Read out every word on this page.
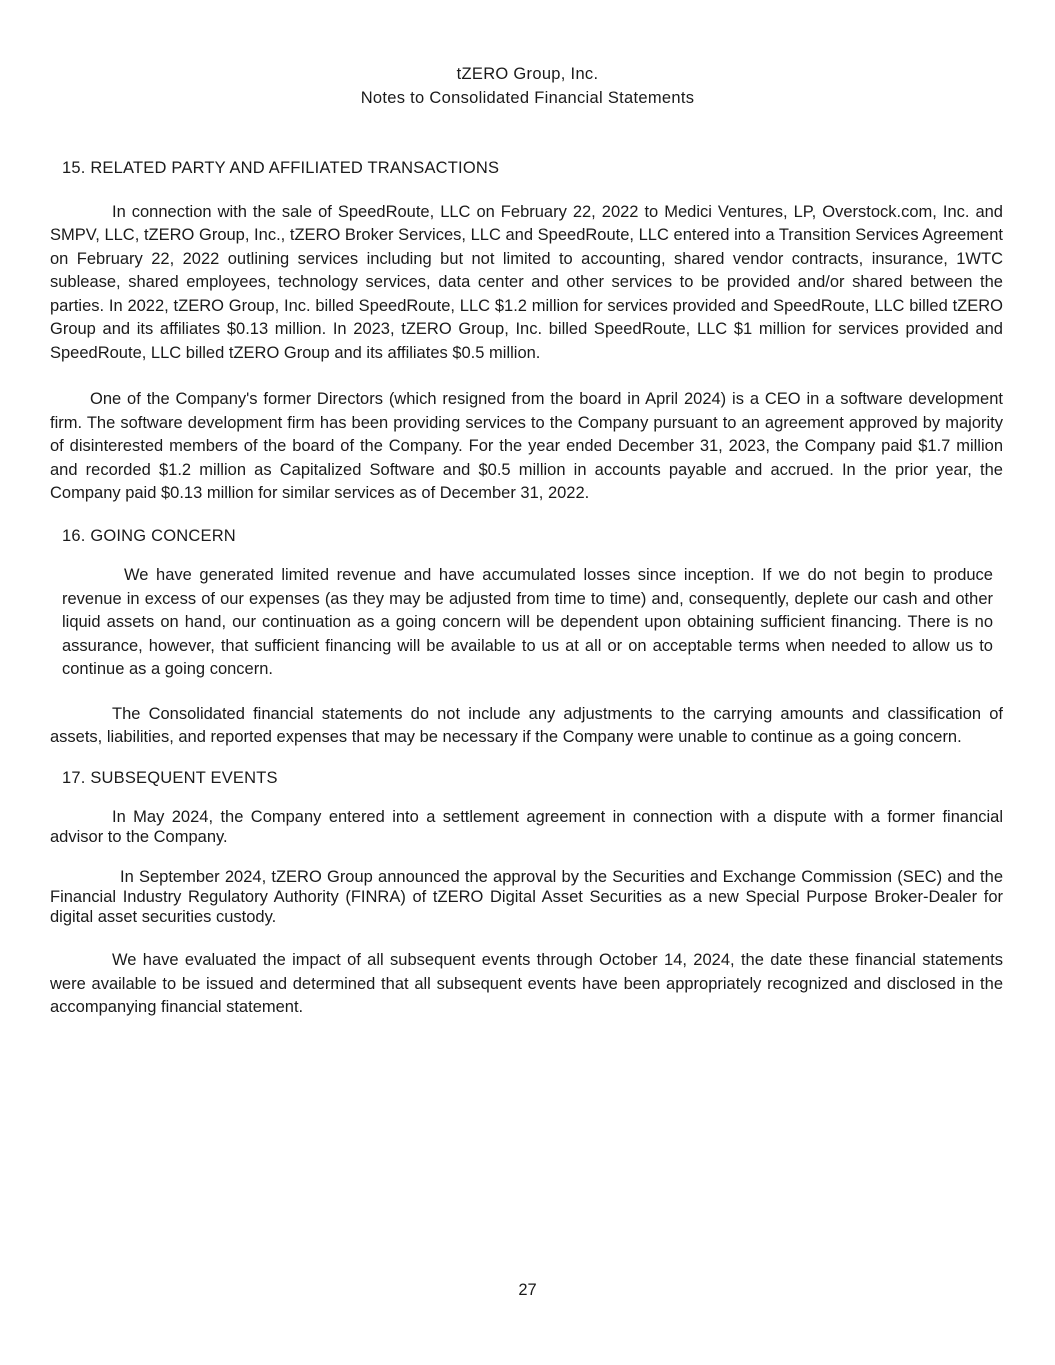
tZERO Group, Inc.
Notes to Consolidated Financial Statements
15. RELATED PARTY AND AFFILIATED TRANSACTIONS

In connection with the sale of SpeedRoute, LLC on February 22, 2022 to Medici Ventures, LP, Overstock.com, Inc. and SMPV, LLC, tZERO Group, Inc., tZERO Broker Services, LLC and SpeedRoute, LLC entered into a Transition Services Agreement on February 22, 2022 outlining services including but not limited to accounting, shared vendor contracts, insurance, 1WTC sublease, shared employees, technology services, data center and other services to be provided and/or shared between the parties. In 2022, tZERO Group, Inc. billed SpeedRoute, LLC $1.2 million for services provided and SpeedRoute, LLC billed tZERO Group and its affiliates $0.13 million. In 2023, tZERO Group, Inc. billed SpeedRoute, LLC $1 million for services provided and SpeedRoute, LLC billed tZERO Group and its affiliates $0.5 million.

One of the Company's former Directors (which resigned from the board in April 2024) is a CEO in a software development firm. The software development firm has been providing services to the Company pursuant to an agreement approved by majority of disinterested members of the board of the Company. For the year ended December 31, 2023, the Company paid $1.7 million and recorded $1.2 million as Capitalized Software and $0.5 million in accounts payable and accrued. In the prior year, the Company paid $0.13 million for similar services as of December 31, 2022.

16. GOING CONCERN

We have generated limited revenue and have accumulated losses since inception. If we do not begin to produce revenue in excess of our expenses (as they may be adjusted from time to time) and, consequently, deplete our cash and other liquid assets on hand, our continuation as a going concern will be dependent upon obtaining sufficient financing. There is no assurance, however, that sufficient financing will be available to us at all or on acceptable terms when needed to allow us to continue as a going concern.

The Consolidated financial statements do not include any adjustments to the carrying amounts and classification of assets, liabilities, and reported expenses that may be necessary if the Company were unable to continue as a going concern.

17. SUBSEQUENT EVENTS

In May 2024, the Company entered into a settlement agreement in connection with a dispute with a former financial advisor to the Company.

In September 2024, tZERO Group announced the approval by the Securities and Exchange Commission (SEC) and the Financial Industry Regulatory Authority (FINRA) of tZERO Digital Asset Securities as a new Special Purpose Broker-Dealer for digital asset securities custody.

We have evaluated the impact of all subsequent events through October 14, 2024, the date these financial statements were available to be issued and determined that all subsequent events have been appropriately recognized and disclosed in the accompanying financial statement.

27
